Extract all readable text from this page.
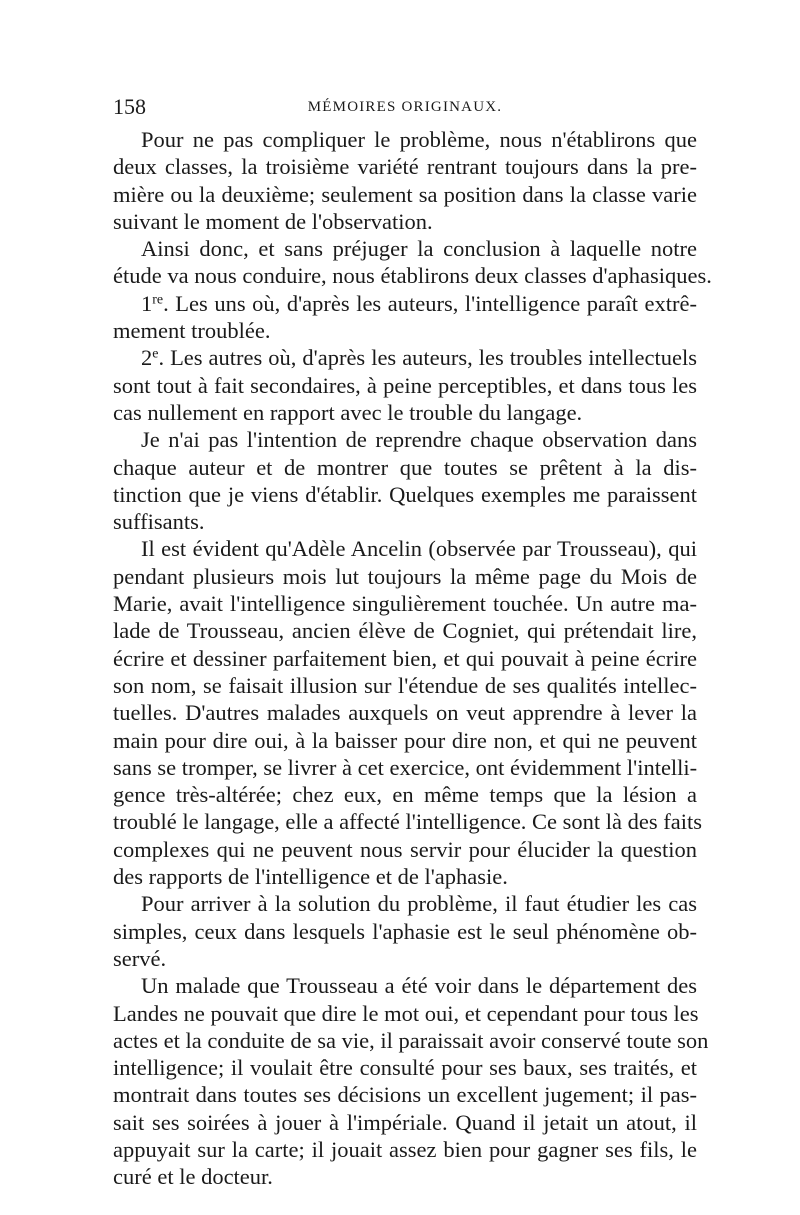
158	MÉMOIRES ORIGINAUX.
Pour ne pas compliquer le problème, nous n'établirons que
deux classes, la troisième variété rentrant toujours dans la pre-
mière ou la deuxième; seulement sa position dans la classe varie
suivant le moment de l'observation.
Ainsi donc, et sans préjuger la conclusion à laquelle notre
étude va nous conduire, nous établirons deux classes d'aphasiques.
1re. Les uns où, d'après les auteurs, l'intelligence paraît extrê-
mement troublée.
2e. Les autres où, d'après les auteurs, les troubles intellectuels
sont tout à fait secondaires, à peine perceptibles, et dans tous les
cas nullement en rapport avec le trouble du langage.
Je n'ai pas l'intention de reprendre chaque observation dans
chaque auteur et de montrer que toutes se prêtent à la dis-
tinction que je viens d'établir. Quelques exemples me paraissent
suffisants.
Il est évident qu'Adèle Ancelin (observée par Trousseau), qui
pendant plusieurs mois lut toujours la même page du Mois de
Marie, avait l'intelligence singulièrement touchée. Un autre ma-
lade de Trousseau, ancien élève de Cogniet, qui prétendait lire,
écrire et dessiner parfaitement bien, et qui pouvait à peine écrire
son nom, se faisait illusion sur l'étendue de ses qualités intellec-
tuelles. D'autres malades auxquels on veut apprendre à lever la
main pour dire oui, à la baisser pour dire non, et qui ne peuvent
sans se tromper, se livrer à cet exercice, ont évidemment l'intelli-
gence très-altérée; chez eux, en même temps que la lésion a
troublé le langage, elle a affecté l'intelligence. Ce sont là des faits
complexes qui ne peuvent nous servir pour élucider la question
des rapports de l'intelligence et de l'aphasie.
Pour arriver à la solution du problème, il faut étudier les cas
simples, ceux dans lesquels l'aphasie est le seul phénomène ob-
servé.
Un malade que Trousseau a été voir dans le département des
Landes ne pouvait que dire le mot oui, et cependant pour tous les
actes et la conduite de sa vie, il paraissait avoir conservé toute son
intelligence; il voulait être consulté pour ses baux, ses traités, et
montrait dans toutes ses décisions un excellent jugement; il pas-
sait ses soirées à jouer à l'impériale. Quand il jetait un atout, il
appuyait sur la carte; il jouait assez bien pour gagner ses fils, le
curé et le docteur.
